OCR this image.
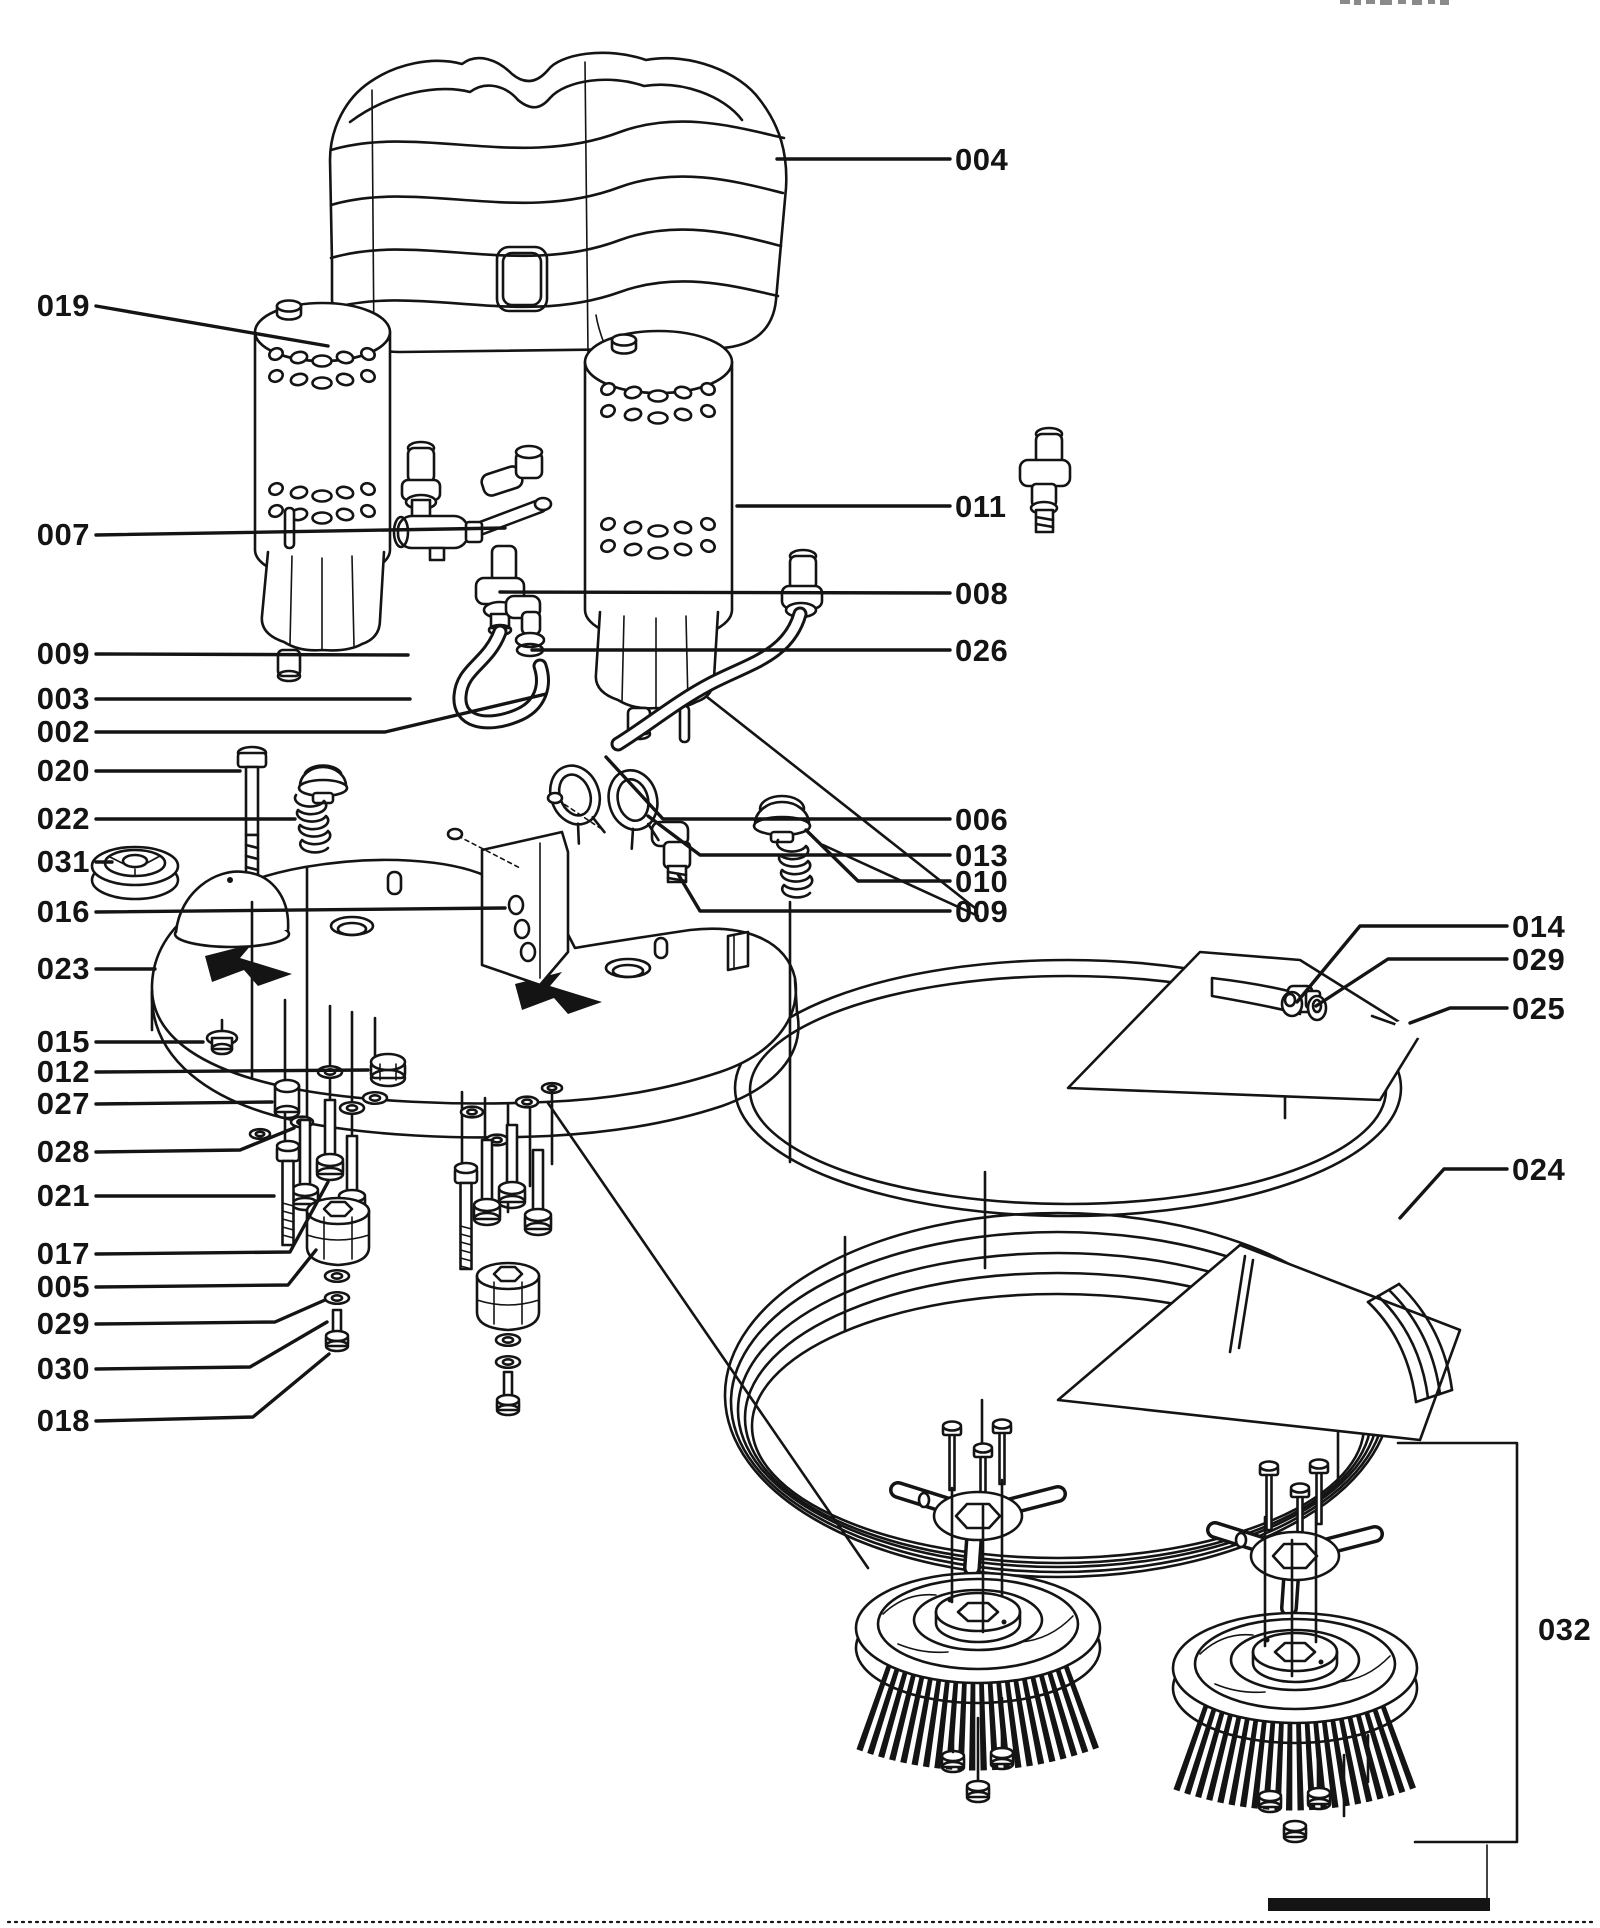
019
007
009
003
002
020
022
031
016
023
015
012
027
028
021
017
005
029
030
018
004
011
008
026
006
013
010
009	014
029
025
024
032
